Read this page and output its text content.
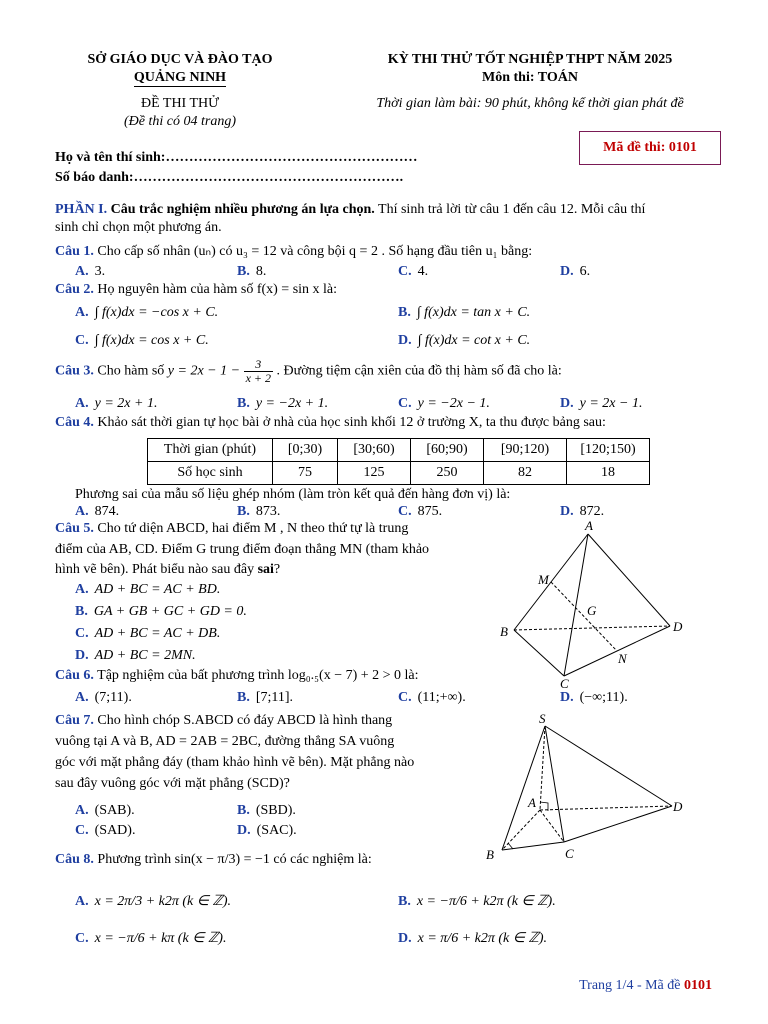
SỞ GIÁO DỤC VÀ ĐÀO TẠO
QUẢNG NINH
ĐỀ THI THỬ
(Đề thi có 04 trang)
KỲ THI THỬ TỐT NGHIỆP THPT NĂM 2025
Môn thi: TOÁN
Thời gian làm bài: 90 phút, không kể thời gian phát đề
Mã đề thi: 0101
Họ và tên thí sinh:………………………………………………
Số báo danh:………………………………………………….
PHẦN I. Câu trắc nghiệm nhiều phương án lựa chọn. Thí sinh trả lời từ câu 1 đến câu 12. Mỗi câu thí
sinh chỉ chọn một phương án.
Câu 1. Cho cấp số nhân (uₙ) có u₃ = 12 và công bội q = 2 . Số hạng đầu tiên u₁ bằng:
A. 3.	B. 8.	C. 4.	D. 6.
Câu 2. Họ nguyên hàm của hàm số f(x) = sin x là:
A. ∫ f(x)dx = −cos x + C.	B. ∫ f(x)dx = tan x + C.
C. ∫ f(x)dx = cos x + C.	D. ∫ f(x)dx = cot x + C.
Câu 3. Cho hàm số $y = 2x - 1 - \frac{3}{x + 2}$ . Đường tiệm cận xiên của đồ thị hàm số đã cho là:
A. y = 2x + 1.	B. y = −2x + 1.	C. y = −2x − 1.	D. y = 2x − 1.
Câu 4. Khảo sát thời gian tự học bài ở nhà của học sinh khối 12 ở trường X, ta thu được bảng sau:
Thời gian (phút)	[0;30)	[30;60)	[60;90)	[90;120)	[120;150)
Số học sinh	75	125	250	82	18
Phương sai của mẫu số liệu ghép nhóm (làm tròn kết quả đến hàng đơn vị) là:
A. 874.	B. 873.	C. 875.	D. 872.
Câu 5. Cho tứ diện ABCD, hai điểm M , N theo thứ tự là trung
điểm của AB, CD. Điểm G trung điểm đoạn thẳng MN (tham khảo
hình vẽ bên). Phát biểu nào sau đây sai?
A. AD + BC = AC + BD.
B. GA + GB + GC + GD = 0.
C. AD + BC = AC + DB.
D. AD + BC = 2MN.
A
B
C
D
M
N
G
Câu 6. Tập nghiệm của bất phương trình log₀.₅(x − 7) + 2 > 0 là:
A. (7;11).	B. [7;11].	C. (11;+∞).	D. (−∞;11).
Câu 7. Cho hình chóp S.ABCD có đáy ABCD là hình thang
vuông tại A và B, AD = 2AB = 2BC, đường thẳng SA vuông
góc với mặt phẳng đáy (tham khảo hình vẽ bên). Mặt phẳng nào
sau đây vuông góc với mặt phẳng (SCD)?
A. (SAB).	B. (SBD).
C. (SAD).	D. (SAC).
S
A
B	C
D
Câu 8. Phương trình sin(x − π/3) = −1 có các nghiệm là:
A. x = 2π/3 + k2π (k ∈ ℤ).	B. x = −π/6 + k2π (k ∈ ℤ).
C. x = −π/6 + kπ (k ∈ ℤ).	D. x = π/6 + k2π (k ∈ ℤ).
Trang 1/4 - Mã đề 0101
